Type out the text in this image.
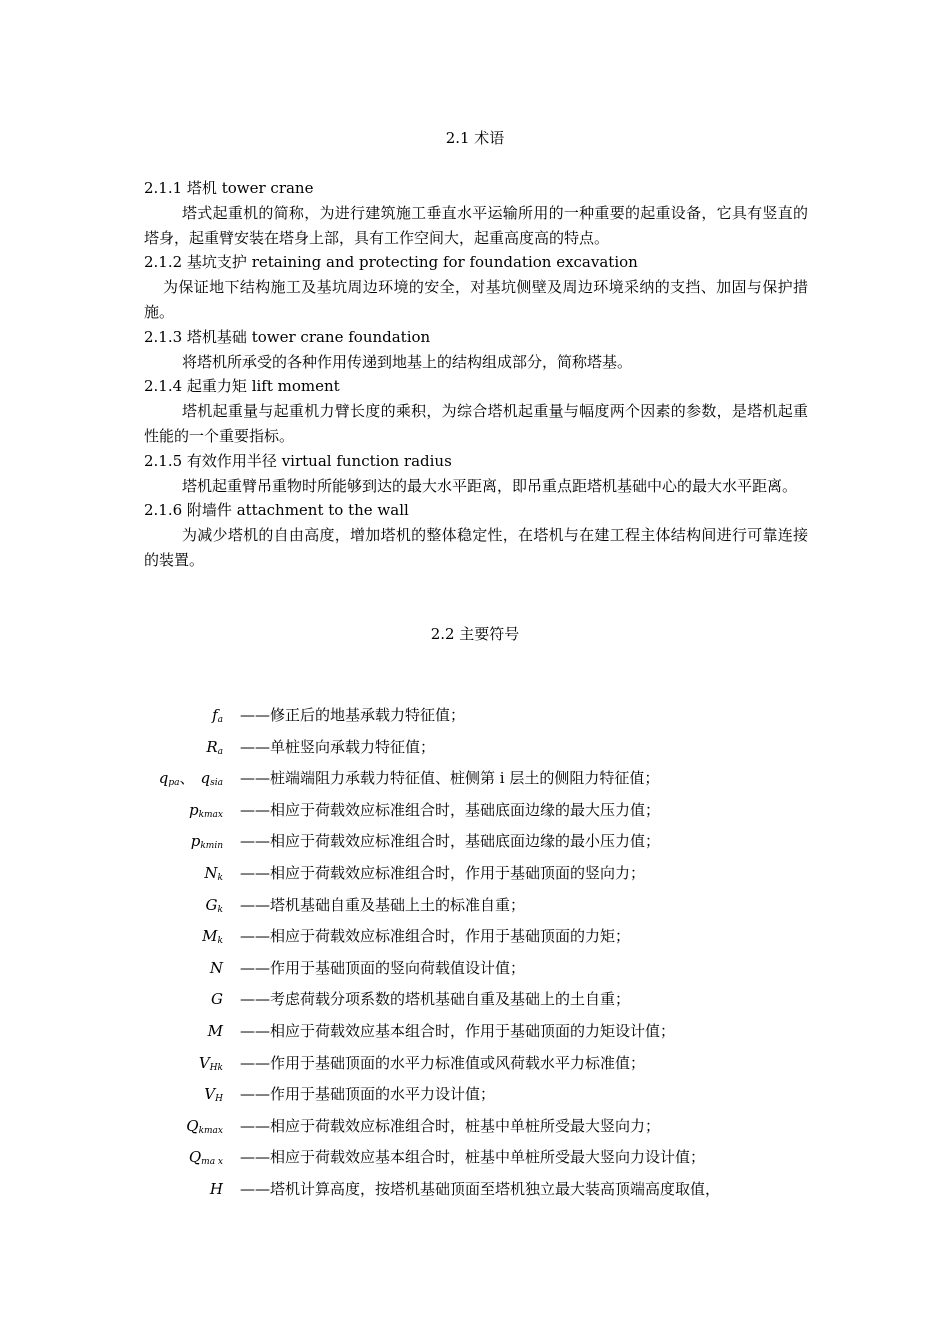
2.1 术语

2.1.1 塔机 tower crane

塔式起重机的简称，为进行建筑施工垂直水平运输所用的一种重要的起重设备，它具有竖直的塔身，起重臂安装在塔身上部，具有工作空间大，起重高度高的特点。

2.1.2 基坑支护 retaining and protecting for foundation excavation

为保证地下结构施工及基坑周边环境的安全，对基坑侧壁及周边环境采纳的支挡、加固与保护措施。

2.1.3 塔机基础 tower crane foundation

将塔机所承受的各种作用传递到地基上的结构组成部分，简称塔基。

2.1.4 起重力矩 lift moment

塔机起重量与起重机力臂长度的乘积，为综合塔机起重量与幅度两个因素的参数，是塔机起重性能的一个重要指标。

2.1.5 有效作用半径 virtual function radius

塔机起重臂吊重物时所能够到达的最大水平距离，即吊重点距塔机基础中心的最大水平距离。

2.1.6 附墙件 attachment to the wall

为减少塔机的自由高度，增加塔机的整体稳定性，在塔机与在建工程主体结构间进行可靠连接的装置。

2.2 主要符号
$f_a$ ——修正后的地基承载力特征值；
$R_a$ ——单桩竖向承载力特征值；
$q_{pa}$、 $q_{sia}$ ——桩端端阻力承载力特征值、桩侧第 i 层土的侧阻力特征值；
$p_{kmax}$ ——相应于荷载效应标准组合时，基础底面边缘的最大压力值；
$p_{kmin}$ ——相应于荷载效应标准组合时，基础底面边缘的最小压力值；
$N_k$ ——相应于荷载效应标准组合时，作用于基础顶面的竖向力；
$G_k$ ——塔机基础自重及基础上土的标准自重；
$M_k$ ——相应于荷载效应标准组合时，作用于基础顶面的力矩；
N ——作用于基础顶面的竖向荷载值设计值；
G ——考虑荷载分项系数的塔机基础自重及基础上的土自重；
M ——相应于荷载效应基本组合时，作用于基础顶面的力矩设计值；
$V_{Hk}$ ——作用于基础顶面的水平力标准值或风荷载水平力标准值；
$V_H$ ——作用于基础顶面的水平力设计值；
$Q_{kmax}$ ——相应于荷载效应标准组合时，桩基中单桩所受最大竖向力；
$Q_{ma x}$ ——相应于荷载效应基本组合时，桩基中单桩所受最大竖向力设计值；
H ——塔机计算高度，按塔机基础顶面至塔机独立最大装高顶端高度取值，
